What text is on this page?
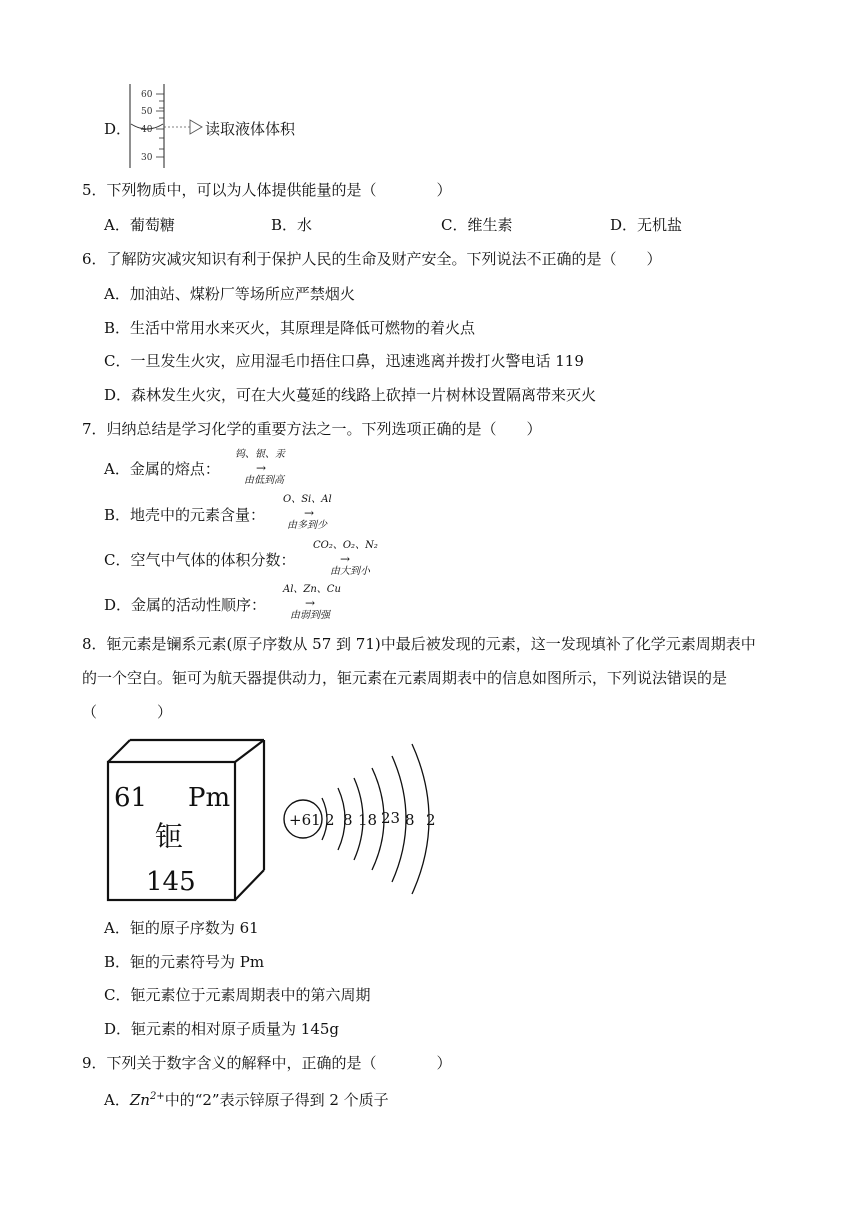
D．
60
50
40
30
读取液体体积
5．下列物质中，可以为人体提供能量的是（　　　　）
A．葡萄糖	B．水	C．维生素	D．无机盐
6．了解防灾减灾知识有利于保护人民的生命及财产安全。下列说法不正确的是（　　）
A．加油站、煤粉厂等场所应严禁烟火
B．生活中常用水来灭火，其原理是降低可燃物的着火点
C．一旦发生火灾，应用湿毛巾捂住口鼻，迅速逃离并拨打火警电话 119
D．森林发生火灾，可在大火蔓延的线路上砍掉一片树林设置隔离带来灭火
7．归纳总结是学习化学的重要方法之一。下列选项正确的是（　　）
A．金属的熔点：
钨、银、汞
→
由低到高
B．地壳中的元素含量：
O、Si、Al
→
由多到少
C．空气中气体的体积分数：
CO₂、O₂、N₂
→
由大到小
D．金属的活动性顺序：
Al、Zn、Cu
→
由弱到强
8．钷元素是镧系元素(原子序数从 57 到 71)中最后被发现的元素，这一发现填补了化学元素周期表中
的一个空白。钷可为航天器提供动力，钷元素在元素周期表中的信息如图所示，下列说法错误的是
（　　　　）
61 Pm
钷
145
+61 2 8 18 23 8 2
A．钷的原子序数为 61
B．钷的元素符号为 Pm
C．钷元素位于元素周期表中的第六周期
D．钷元素的相对原子质量为 145g
9．下列关于数字含义的解释中，正确的是（　　　　）
A．$Zn^{2+}$中的“2”表示锌原子得到 2 个质子
